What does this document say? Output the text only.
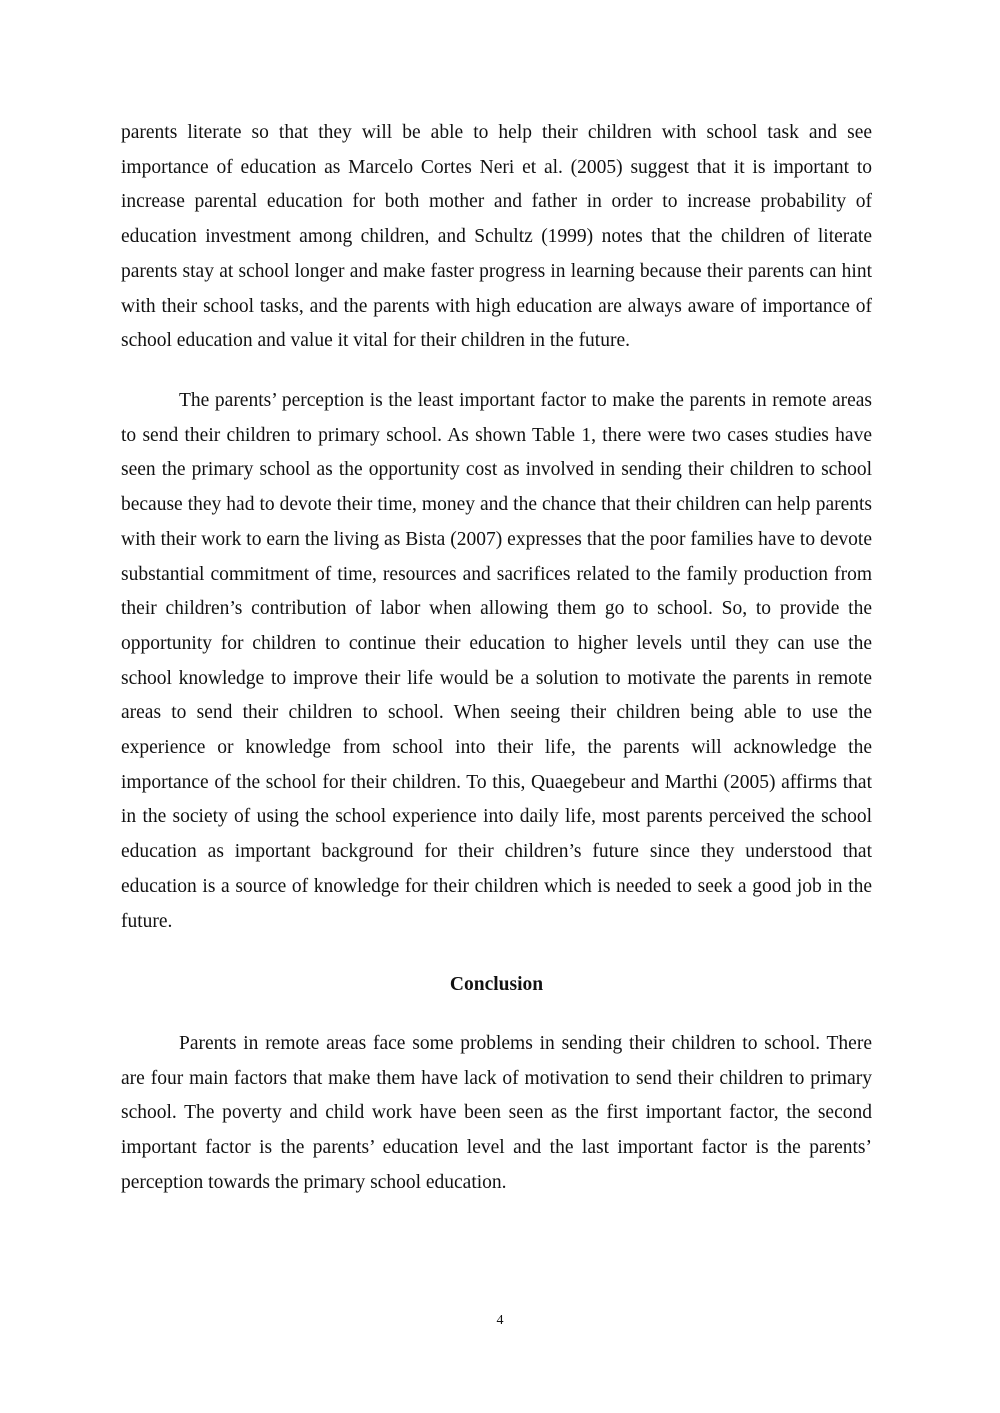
parents literate so that they will be able to help their children with school task and see importance of education as Marcelo Cortes Neri et al. (2005) suggest that it is important to increase parental education for both mother and father in order to increase probability of education investment among children, and Schultz (1999) notes that the children of literate parents stay at school longer and make faster progress in learning because their parents can hint with their school tasks, and the parents with high education are always aware of importance of school education and value it vital for their children in the future.

The parents’ perception is the least important factor to make the parents in remote areas to send their children to primary school. As shown Table 1, there were two cases studies have seen the primary school as the opportunity cost as involved in sending their children to school because they had to devote their time, money and the chance that their children can help parents with their work to earn the living as Bista (2007) expresses that the poor families have to devote substantial commitment of time, resources and sacrifices related to the family production from their children’s contribution of labor when allowing them go to school. So, to provide the opportunity for children to continue their education to higher levels until they can use the school knowledge to improve their life would be a solution to motivate the parents in remote areas to send their children to school. When seeing their children being able to use the experience or knowledge from school into their life, the parents will acknowledge the importance of the school for their children. To this, Quaegebeur and Marthi (2005) affirms that in the society of using the school experience into daily life, most parents perceived the school education as important background for their children’s future since they understood that education is a source of knowledge for their children which is needed to seek a good job in the future.

Conclusion

Parents in remote areas face some problems in sending their children to school. There are four main factors that make them have lack of motivation to send their children to primary school. The poverty and child work have been seen as the first important factor, the second important factor is the parents’ education level and the last important factor is the parents’ perception towards the primary school education.

4
